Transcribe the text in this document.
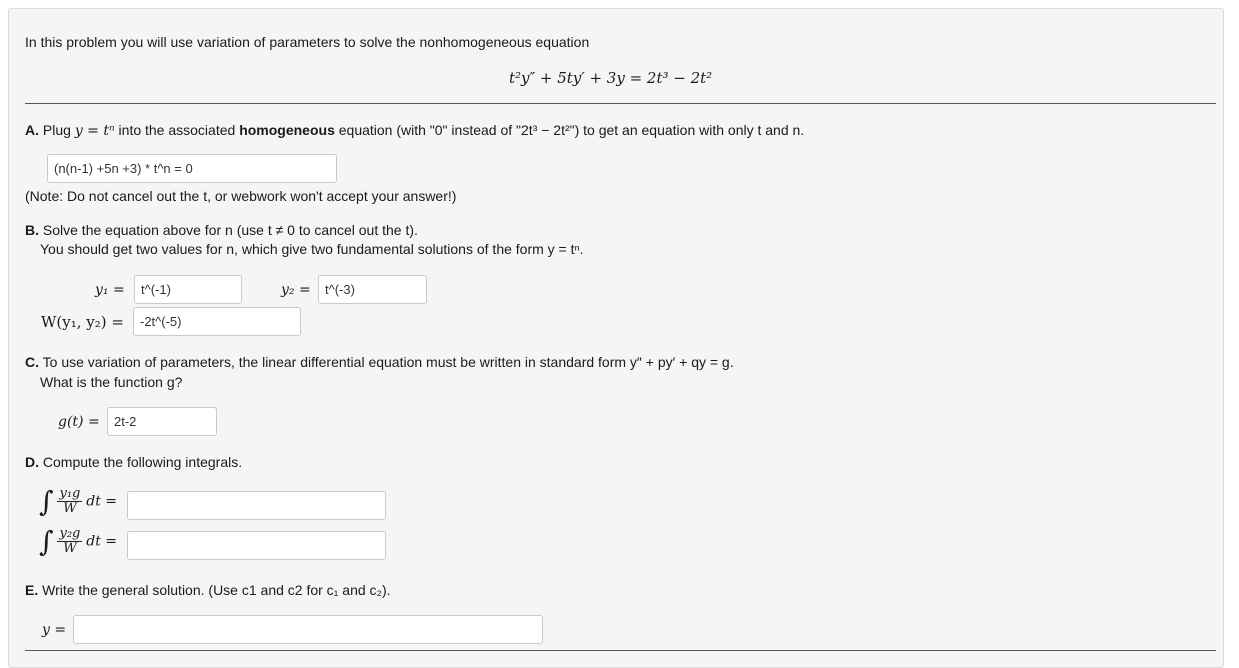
In this problem you will use variation of parameters to solve the nonhomogeneous equation
t²y″ + 5ty′ + 3y = 2t³ − 2t²
A. Plug y = tⁿ into the associated homogeneous equation (with "0" instead of "2t³ − 2t²") to get an equation with only t and n.
(n(n-1) +5n +3) * t^n = 0
(Note: Do not cancel out the t, or webwork won't accept your answer!)
B. Solve the equation above for n (use t ≠ 0 to cancel out the t).
You should get two values for n, which give two fundamental solutions of the form y = tⁿ.
y₁ =	t^(-1)	y₂ =	t^(-3)
W(y₁, y₂) =	-2t^(-5)
C. To use variation of parameters, the linear differential equation must be written in standard form y″ + py′ + qy = g.
What is the function g?
g(t) =	2t-2
D. Compute the following integrals.
∫ $\frac{\text{y₁g}}{W}$ dt =
∫ $\frac{\text{y₂g}}{W}$ dt =
E. Write the general solution. (Use c1 and c2 for c₁ and c₂).
y =
